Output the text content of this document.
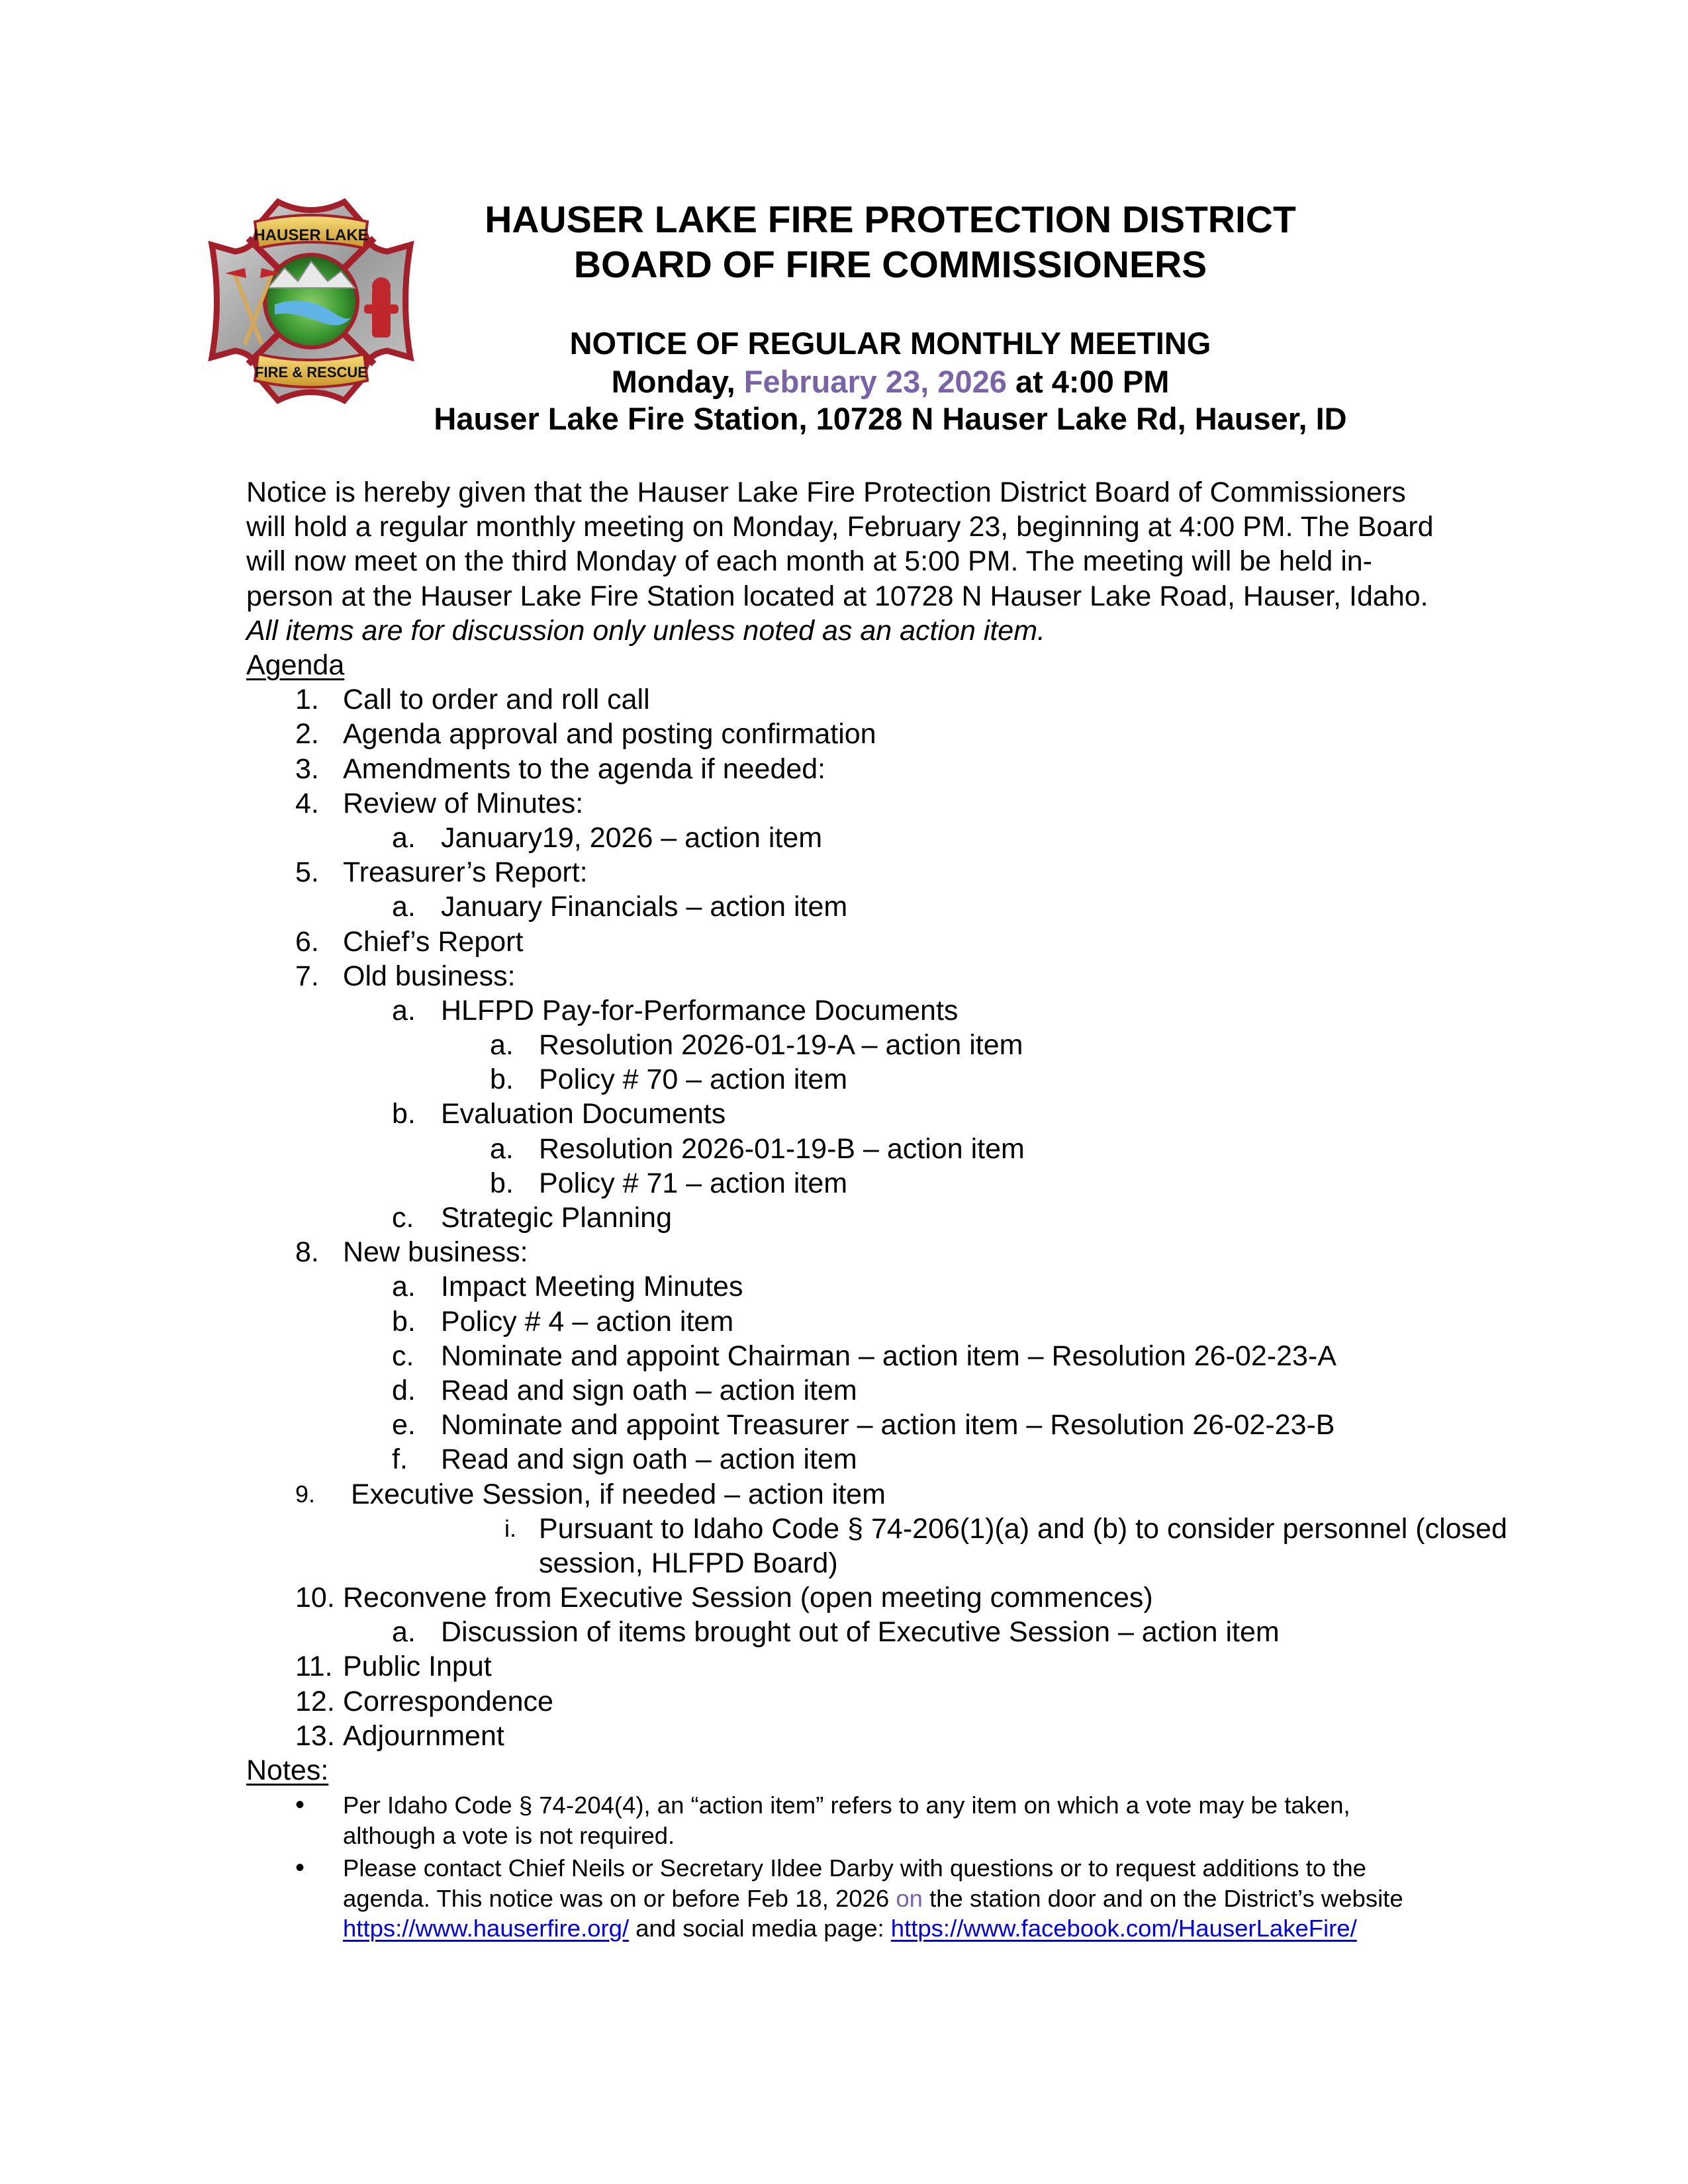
HAUSER LAKE
FIRE & RESCUE
HAUSER LAKE FIRE PROTECTION DISTRICT
BOARD OF FIRE COMMISSIONERS
NOTICE OF REGULAR MONTHLY MEETING
Monday, February 23, 2026 at 4:00 PM
Hauser Lake Fire Station, 10728 N Hauser Lake Rd, Hauser, ID

Notice is hereby given that the Hauser Lake Fire Protection District Board of Commissioners

will hold a regular monthly meeting on Monday, February 23, beginning at 4:00 PM. The Board

will now meet on the third Monday of each month at 5:00 PM. The meeting will be held in-

person at the Hauser Lake Fire Station located at 10728 N Hauser Lake Road, Hauser, Idaho.

All items are for discussion only unless noted as an action item.

Agenda
1. Call to order and roll call
2. Agenda approval and posting confirmation
3. Amendments to the agenda if needed:
4. Review of Minutes:
a. January19, 2026 – action item
5. Treasurer’s Report:
a. January Financials – action item
6. Chief’s Report
7. Old business:
a. HLFPD Pay-for-Performance Documents
a. Resolution 2026-01-19-A – action item
b. Policy # 70 – action item
b. Evaluation Documents
a. Resolution 2026-01-19-B – action item
b. Policy # 71 – action item
c. Strategic Planning
8. New business:
a. Impact Meeting Minutes
b. Policy # 4 – action item
c. Nominate and appoint Chairman – action item – Resolution 26-02-23-A
d. Read and sign oath – action item
e. Nominate and appoint Treasurer – action item – Resolution 26-02-23-B
f. Read and sign oath – action item
9. Executive Session, if needed – action item
i. Pursuant to Idaho Code § 74-206(1)(a) and (b) to consider personnel (closed
session, HLFPD Board)
10. Reconvene from Executive Session (open meeting commences)
a. Discussion of items brought out of Executive Session – action item
11. Public Input
12. Correspondence
13. Adjournment
Notes:
• Per Idaho Code § 74-204(4), an “action item” refers to any item on which a vote may be taken,
although a vote is not required.
• Please contact Chief Neils or Secretary Ildee Darby with questions or to request additions to the
agenda. This notice was on or before Feb 18, 2026 on the station door and on the District’s website
https://www.hauserfire.org/ and social media page: https://www.facebook.com/HauserLakeFire/
